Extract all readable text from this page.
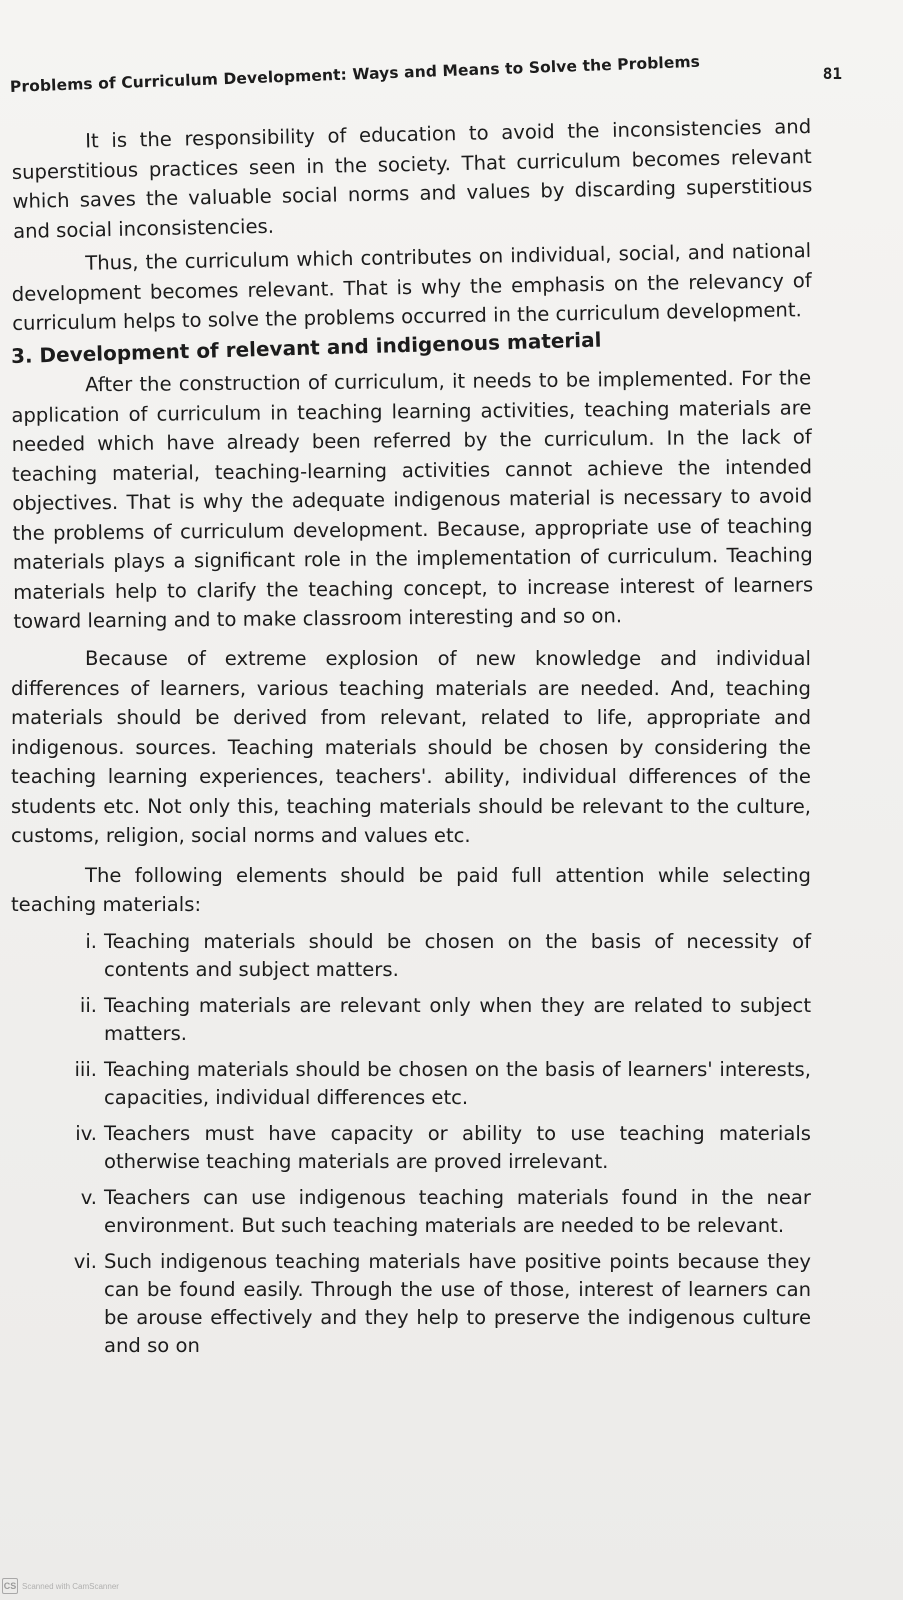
Problems of Curriculum Development: Ways and Means to Solve the Problems	81

It is the responsibility of education to avoid the inconsistencies and superstitious practices seen in the society. That curriculum becomes relevant which saves the valuable social norms and values by discarding superstitious and social inconsistencies.

Thus, the curriculum which contributes on individual, social, and national development becomes relevant. That is why the emphasis on the relevancy of curriculum helps to solve the problems occurred in the curriculum development.

3. Development of relevant and indigenous material

After the construction of curriculum, it needs to be implemented. For the application of curriculum in teaching learning activities, teaching materials are needed which have already been referred by the curriculum. In the lack of teaching material, teaching-learning activities cannot achieve the intended objectives. That is why the adequate indigenous material is necessary to avoid the problems of curriculum development. Because, appropriate use of teaching materials plays a significant role in the implementation of curriculum. Teaching materials help to clarify the teaching concept, to increase interest of learners toward learning and to make classroom interesting and so on.

Because of extreme explosion of new knowledge and individual differences of learners, various teaching materials are needed. And, teaching materials should be derived from relevant, related to life, appropriate and indigenous. sources. Teaching materials should be chosen by considering the teaching learning experiences, teachers'. ability, individual differences of the students etc. Not only this, teaching materials should be relevant to the culture, customs, religion, social norms and values etc.

The following elements should be paid full attention while selecting teaching materials:

i. Teaching materials should be chosen on the basis of necessity of contents and subject matters.
ii. Teaching materials are relevant only when they are related to subject matters.
iii. Teaching materials should be chosen on the basis of learners' interests, capacities, individual differences etc.
iv. Teachers must have capacity or ability to use teaching materials otherwise teaching materials are proved irrelevant.
v. Teachers can use indigenous teaching materials found in the near environment. But such teaching materials are needed to be relevant.
vi. Such indigenous teaching materials have positive points because they can be found easily. Through the use of those, interest of learners can be arouse effectively and they help to preserve the indigenous culture and so on
CS Scanned with CamScanner
